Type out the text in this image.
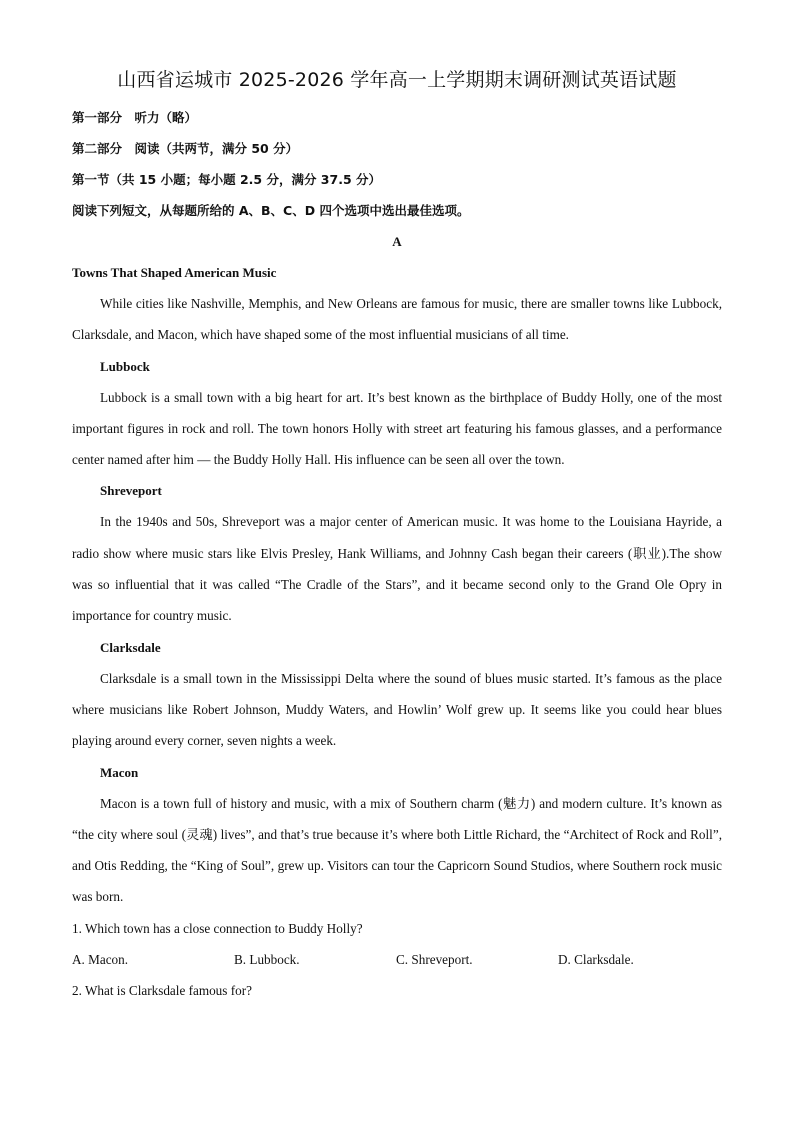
山西省运城市 2025-2026 学年高一上学期期末调研测试英语试题

第一部分　听力（略）

第二部分　阅读（共两节，满分 50 分）

第一节（共 15 小题；每小题 2.5 分，满分 37.5 分）

阅读下列短文，从每题所给的 A、B、C、D 四个选项中选出最佳选项。

A

Towns That Shaped American Music

While cities like Nashville, Memphis, and New Orleans are famous for music, there are smaller towns like Lubbock, Clarksdale, and Macon, which have shaped some of the most influential musicians of all time.

Lubbock

Lubbock is a small town with a big heart for art. It’s best known as the birthplace of Buddy Holly, one of the most important figures in rock and roll. The town honors Holly with street art featuring his famous glasses, and a performance center named after him — the Buddy Holly Hall. His influence can be seen all over the town.

Shreveport

In the 1940s and 50s, Shreveport was a major center of American music. It was home to the Louisiana Hayride, a radio show where music stars like Elvis Presley, Hank Williams, and Johnny Cash began their careers (职业).The show was so influential that it was called “The Cradle of the Stars”, and it became second only to the Grand Ole Opry in importance for country music.

Clarksdale

Clarksdale is a small town in the Mississippi Delta where the sound of blues music started. It’s famous as the place where musicians like Robert Johnson, Muddy Waters, and Howlin’ Wolf grew up. It seems like you could hear blues playing around every corner, seven nights a week.

Macon

Macon is a town full of history and music, with a mix of Southern charm (魅力) and modern culture. It’s known as “the city where soul (灵魂) lives”, and that’s true because it’s where both Little Richard, the “Architect of Rock and Roll”, and Otis Redding, the “King of Soul”, grew up. Visitors can tour the Capricorn Sound Studios, where Southern rock music was born.

1. Which town has a close connection to Buddy Holly?

A. Macon.	B. Lubbock.	C. Shreveport.	D. Clarksdale.

2. What is Clarksdale famous for?
